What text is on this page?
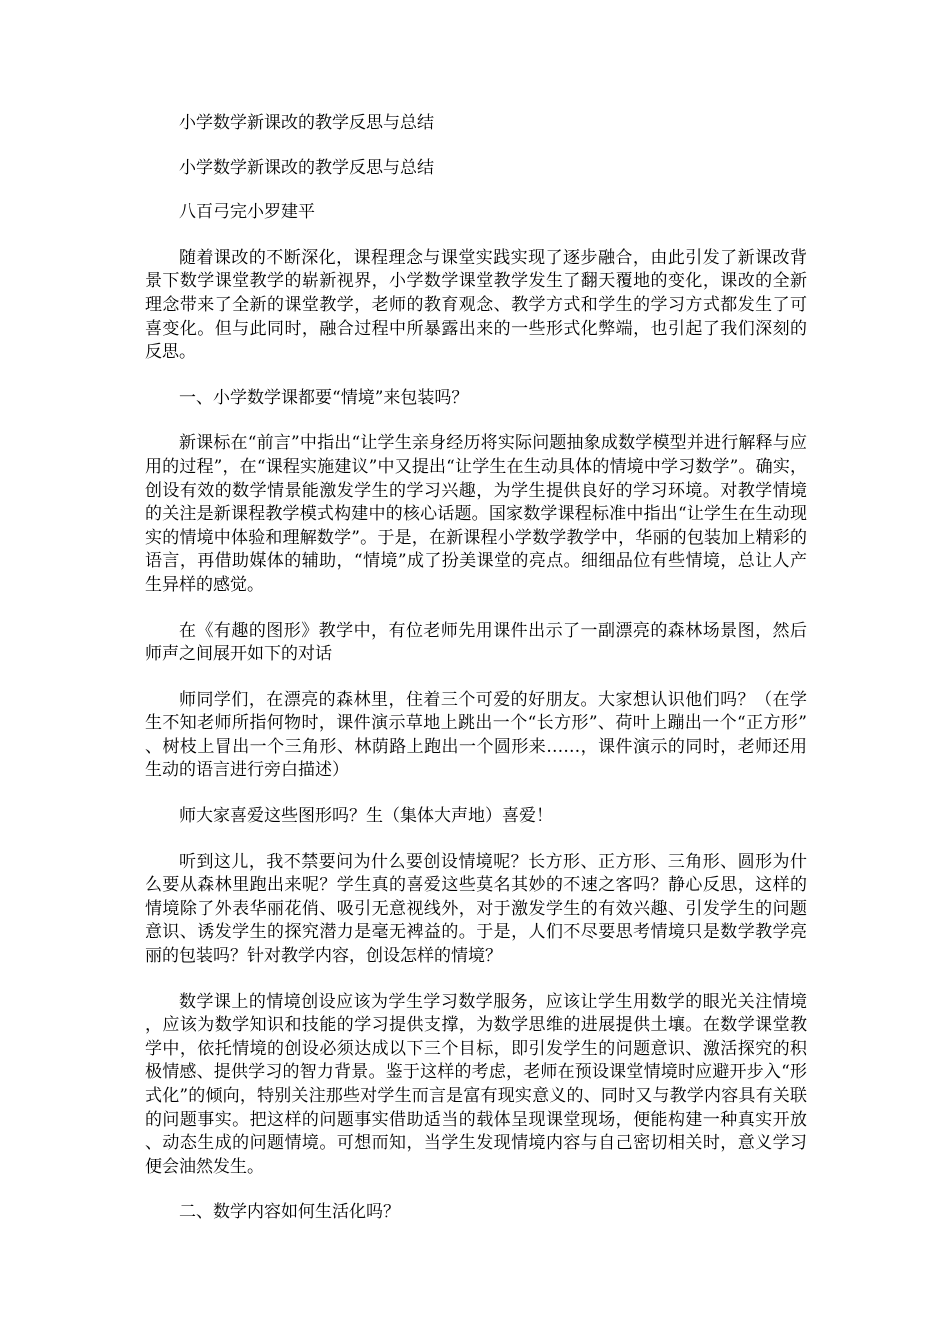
小学数学新课改的教学反思与总结

小学数学新课改的教学反思与总结

八百弓完小罗建平

随着课改的不断深化，课程理念与课堂实践实现了逐步融合，由此引发了新课改背景下数学课堂教学的崭新视界，小学数学课堂教学发生了翻天覆地的变化，课改的全新理念带来了全新的课堂教学，老师的教育观念、教学方式和学生的学习方式都发生了可喜变化。但与此同时，融合过程中所暴露出来的一些形式化弊端，也引起了我们深刻的反思。

一、小学数学课都要“情境”来包装吗？

新课标在“前言”中指出“让学生亲身经历将实际问题抽象成数学模型并进行解释与应用的过程”，在“课程实施建议”中又提出“让学生在生动具体的情境中学习数学”。确实，创设有效的数学情景能激发学生的学习兴趣，为学生提供良好的学习环境。对教学情境的关注是新课程教学模式构建中的核心话题。国家数学课程标准中指出“让学生在生动现实的情境中体验和理解数学”。于是，在新课程小学数学教学中，华丽的包装加上精彩的语言，再借助媒体的辅助，“情境”成了扮美课堂的亮点。细细品位有些情境，总让人产生异样的感觉。

在《有趣的图形》教学中，有位老师先用课件出示了一副漂亮的森林场景图，然后师声之间展开如下的对话

师同学们，在漂亮的森林里，住着三个可爱的好朋友。大家想认识他们吗？（在学生不知老师所指何物时，课件演示草地上跳出一个“长方形”、荷叶上蹦出一个“正方形”、树枝上冒出一个三角形、林荫路上跑出一个圆形来……，课件演示的同时，老师还用生动的语言进行旁白描述）

师大家喜爱这些图形吗？生（集体大声地）喜爱！

听到这儿，我不禁要问为什么要创设情境呢？长方形、正方形、三角形、圆形为什么要从森林里跑出来呢？学生真的喜爱这些莫名其妙的不速之客吗？静心反思，这样的情境除了外表华丽花俏、吸引无意视线外，对于激发学生的有效兴趣、引发学生的问题意识、诱发学生的探究潜力是毫无裨益的。于是，人们不尽要思考情境只是数学教学亮丽的包装吗？针对教学内容，创设怎样的情境？

数学课上的情境创设应该为学生学习数学服务，应该让学生用数学的眼光关注情境，应该为数学知识和技能的学习提供支撑，为数学思维的进展提供土壤。在数学课堂教学中，依托情境的创设必须达成以下三个目标，即引发学生的问题意识、激活探究的积极情感、提供学习的智力背景。鉴于这样的考虑，老师在预设课堂情境时应避开步入“形式化”的倾向，特别关注那些对学生而言是富有现实意义的、同时又与教学内容具有关联的问题事实。把这样的问题事实借助适当的载体呈现课堂现场，便能构建一种真实开放、动态生成的问题情境。可想而知，当学生发现情境内容与自己密切相关时，意义学习便会油然发生。

二、数学内容如何生活化吗？
